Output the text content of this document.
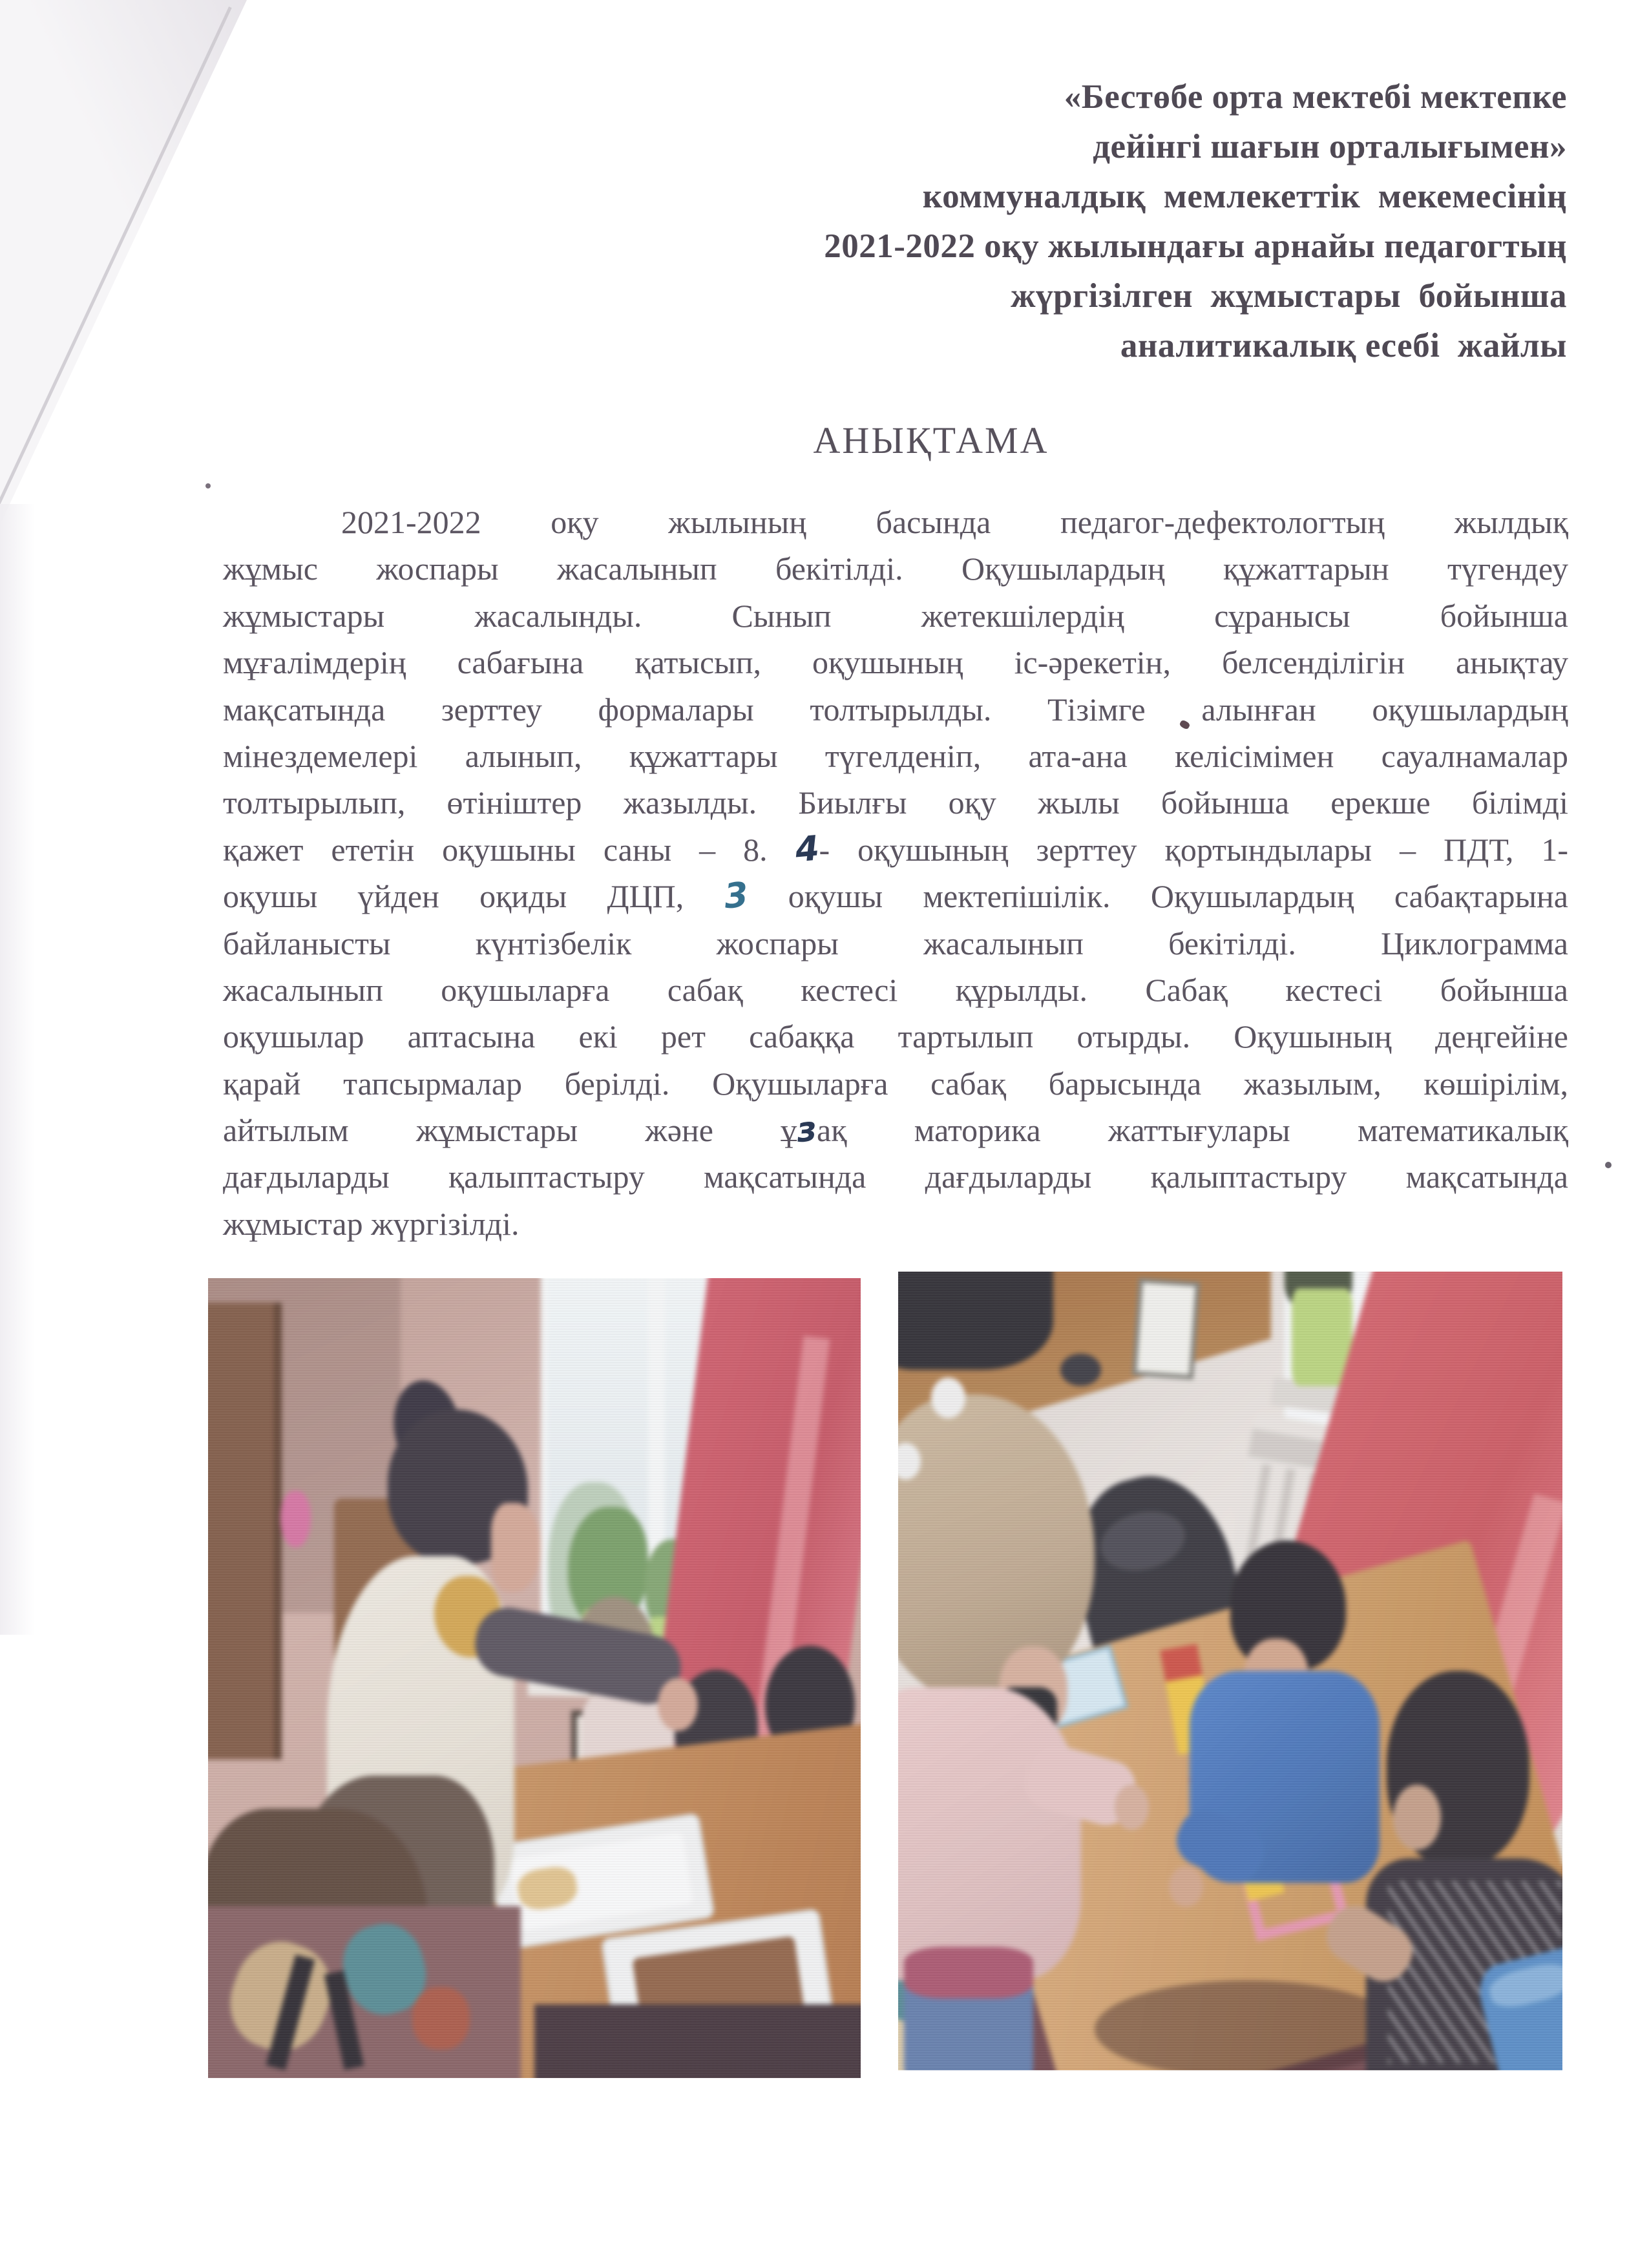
«Бестөбе орта мектебі мектепке
дейінгі шағын орталығымен»
коммуналдық  мемлекеттік  мекемесінің
2021-2022 оқу жылындағы арнайы педагогтың
жүргізілген  жұмыстары  бойынша
аналитикалық есебі  жайлы
АНЫҚТАМА
2021-2022 оқу жылының басында педагог-дефектологтың жылдық
жұмыс жоспары жасалынып бекітілді. Оқушылардың құжаттарын түгендеу
жұмыстары жасалынды. Сынып жетекшілердің сұранысы бойынша
мұғалімдерің сабағына қатысып, оқушының іс-әрекетін, белсенділігін анықтау
мақсатында зерттеу формалары толтырылды. Тізімге алынған оқушылардың
мінездемелері алынып, құжаттары түгелденіп, ата-ана келісімімен сауалнамалар
толтырылып, өтініштер жазылды. Биылғы оқу жылы бойынша ерекше білімді
қажет ететін оқушыны саны – 8. 4- оқушының зерттеу қортындылары – ПДТ, 1-
оқушы үйден оқиды ДЦП, 3 оқушы мектепішілік. Оқушылардың сабақтарына
байланысты күнтізбелік жоспары жасалынып бекітілді. Циклограмма
жасалынып оқушыларға сабақ кестесі құрылды. Сабақ кестесі бойынша
оқушылар аптасына екі рет сабаққа тартылып отырды. Оқушының деңгейіне
қарай тапсырмалар берілді. Оқушыларға сабақ барысында жазылым, көшірілім,
айтылым жұмыстары және ұзақ маторика жаттығулары математикалық
дағдыларды қалыптастыру мақсатында дағдыларды қалыптастыру мақсатында
жұмыстар жүргізілді.
